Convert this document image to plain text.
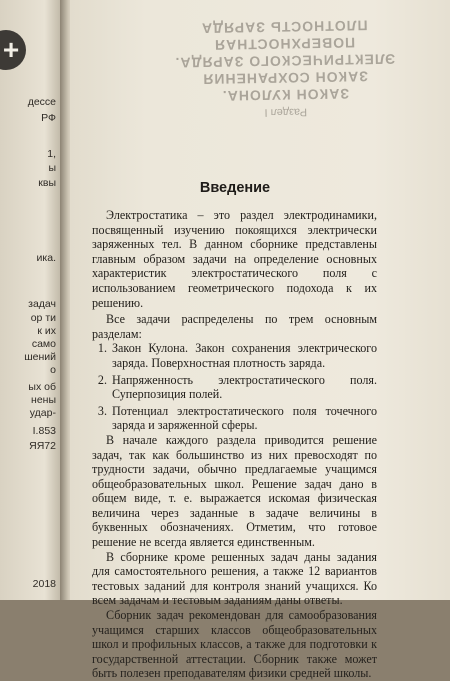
+
дессе
РФ
1,
ы
квы
ика.
задач
ор ти
к их
само
шений
о
ых об
нены
удар-
I.853
ЯЯ72
2018
Раздел I
ЗАКОН КУЛОНА.
ЗАКОН СОХРАНЕНИЯ
ЭЛЕКТРИЧЕСКОГО ЗАРЯДА.
ПОВЕРХНОСТНАЯ
ПЛОТНОСТЬ ЗАРЯДА
Введение

Электростатика – это раздел электродинамики, посвященный изучению покоящихся электрически заряженных тел. В данном сборнике представлены главным образом задачи на определение основных характеристик электростатического поля с использованием геометрического подохода к их решению.

Все задачи распределены по трем основным разделам:

1. Закон Кулона. Закон сохранения электрического заряда. Поверхностная плотность заряда.
2. Напряженность электростатического поля. Суперпозиция полей.
3. Потенциал электростатического поля точечного заряда и заряженной сферы.

В начале каждого раздела приводится решение задач, так как большинство из них превосходят по трудности задачи, обычно предлагаемые учащимся общеобразовательных школ. Решение задач дано в общем виде, т. е. выражается искомая физическая величина через заданные в задаче величины в буквенных обозначениях. Отметим, что готовое решение не всегда является единственным.

В сборнике кроме решенных задач даны задания для самостоятельного решения, а также 12 вариантов тестовых заданий для контроля знаний учащихся. Ко всем задачам и тестовым заданиям даны ответы.

Сборник задач рекомендован для самообразования учащимся старших классов общеобразовательных школ и профильных классов, а также для подготовки к государственной аттестации. Сборник также может быть полезен преподавателям физики средней школы.
